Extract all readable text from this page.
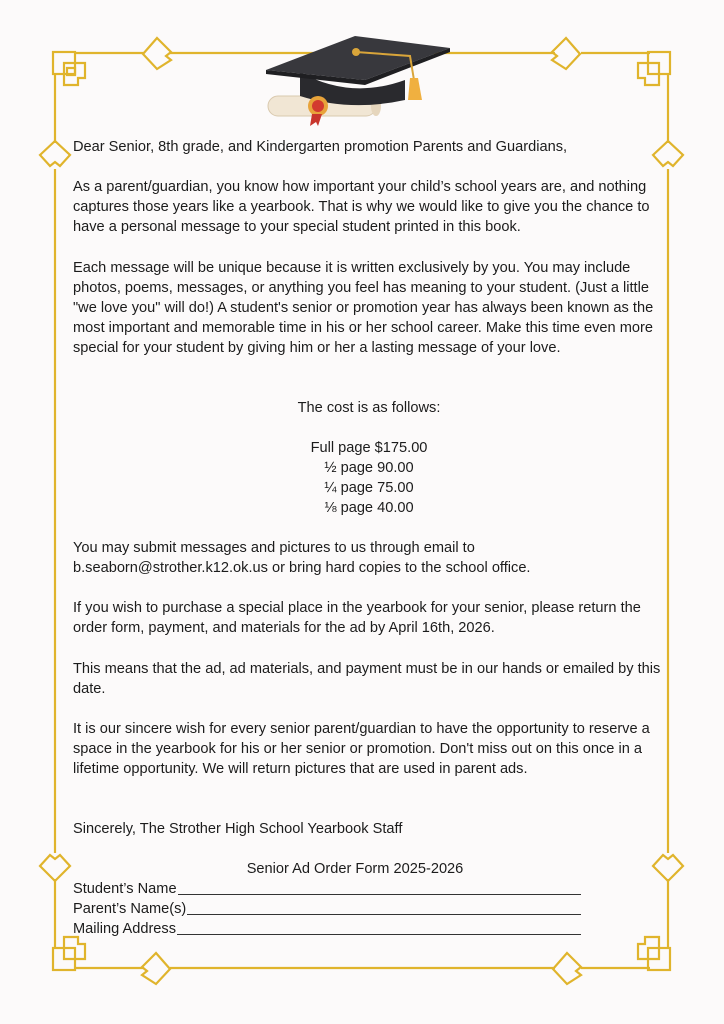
Dear Senior, 8th grade, and Kindergarten promotion Parents and Guardians,

As a parent/guardian, you know how important your child’s school years are, and nothing captures those years like a yearbook. That is why we would like to give you the chance to have a personal message to your special student printed in this book.

Each message will be unique because it is written exclusively by you. You may include photos, poems, messages, or anything you feel has meaning to your student. (Just a little "we love you" will do!) A student's senior or promotion year has always been known as the most important and memorable time in his or her school career. Make this time even more special for your student by giving him or her a lasting message of your love.

The cost is as follows:

Full page $175.00
½ page 90.00
¼ page 75.00
⅛ page 40.00

You may submit messages and pictures to us through email to b.seaborn@strother.k12.ok.us or bring hard copies to the school office.

If you wish to purchase a special place in the yearbook for your senior, please return the order form, payment, and materials for the ad by April 16th, 2026.

This means that the ad, ad materials, and payment must be in our hands or emailed by this date.

It is our sincere wish for every senior parent/guardian to have the opportunity to reserve a space in the yearbook for his or her senior or promotion. Don't miss out on this once in a lifetime opportunity. We will return pictures that are used in parent ads.

Sincerely, The Strother High School Yearbook Staff

Senior Ad Order Form 2025-2026

Student’s Name
Parent’s Name(s)
Mailing Address
